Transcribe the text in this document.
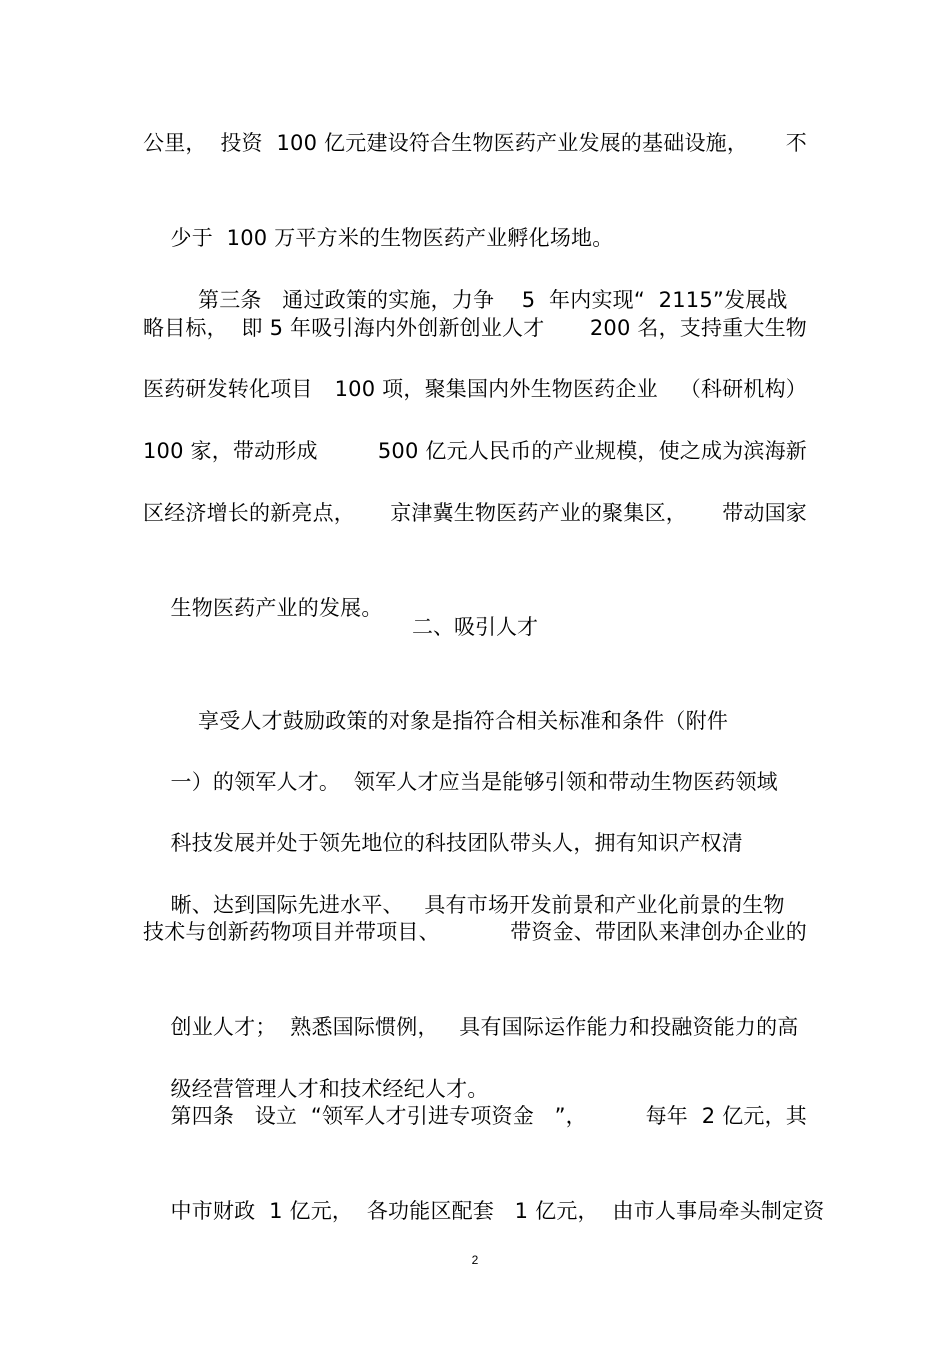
公里，  投资  100 亿元建设符合生物医药产业发展的基础设施， 不

少于  100 万平方米的生物医药产业孵化场地。

第三条   通过政策的实施，力争    5  年内实现“  2115”发展战

略目标，  即 5 年吸引海内外创新创业人才 200 名，支持重大生物
医药研发转化项目 100 项，聚集国内外生物医药企业 （科研机构）
100 家，带动形成	500 亿元人民币的产业规模，使之成为滨海新
区经济增长的新亮点， 京津冀生物医药产业的聚集区， 带动国家

生物医药产业的发展。

二、吸引人才

享受人才鼓励政策的对象是指符合相关标准和条件（附件

一）的领军人才。  领军人才应当是能够引领和带动生物医药领域

科技发展并处于领先地位的科技团队带头人，拥有知识产权清

晰、达到国际先进水平、   具有市场开发前景和产业化前景的生物

技术与创新药物项目并带项目、	带资金、带团队来津创办企业的

创业人才；  熟悉国际惯例，   具有国际运作能力和投融资能力的高

级经营管理人才和技术经纪人才。

第四条   设立  “领军人才引进专项资金   ”，	每年  2 亿元，其

中市财政  1 亿元，  各功能区配套   1 亿元，  由市人事局牵头制定资

2
